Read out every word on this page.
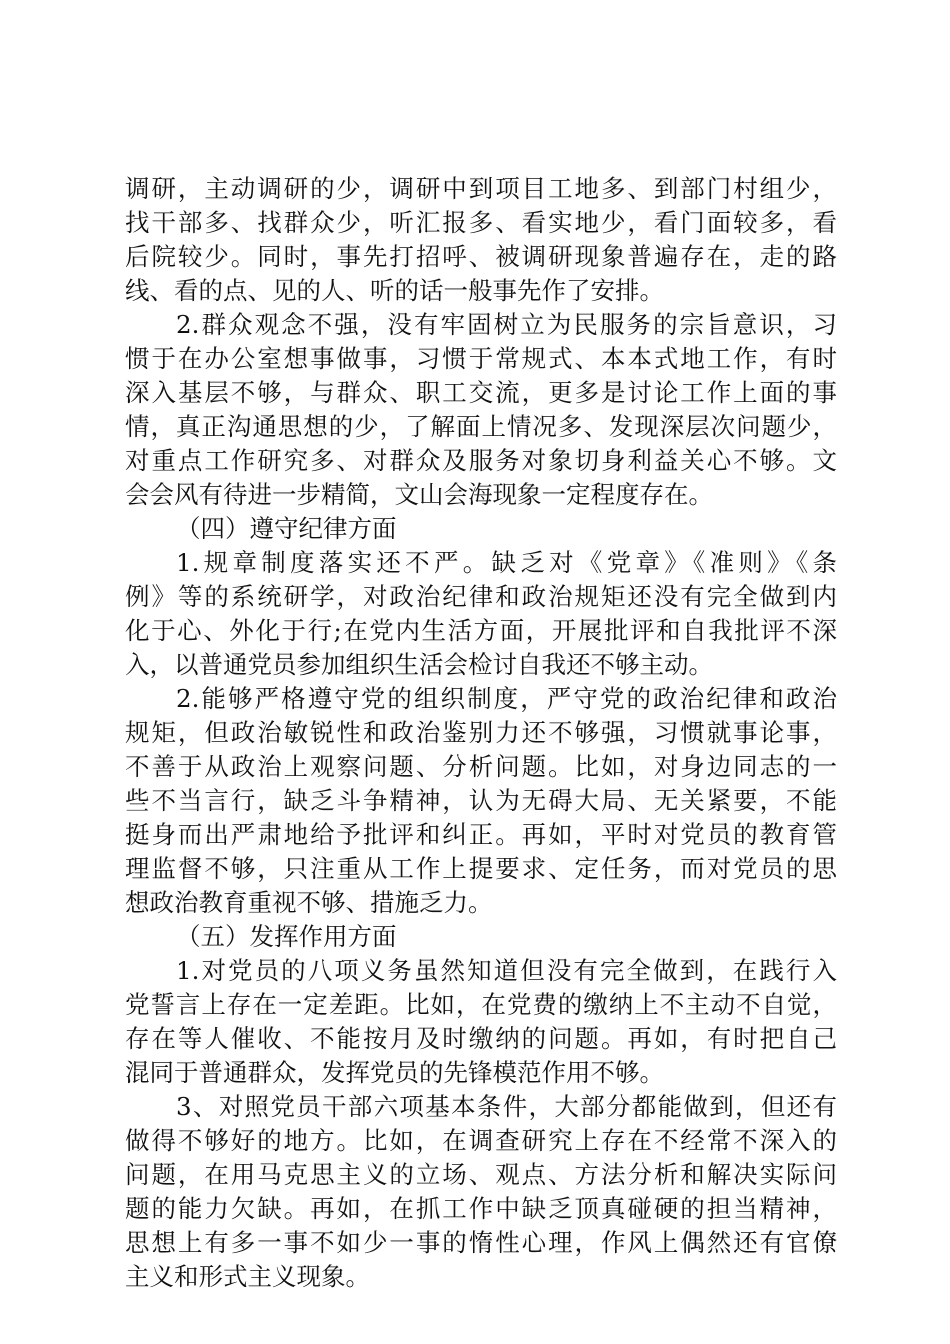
调研，主动调研的少，调研中到项目工地多、到部门村组少，
找干部多、找群众少，听汇报多、看实地少，看门面较多，看
后院较少。同时，事先打招呼、被调研现象普遍存在，走的路
线、看的点、见的人、听的话一般事先作了安排。
2.群众观念不强，没有牢固树立为民服务的宗旨意识，习
惯于在办公室想事做事，习惯于常规式、本本式地工作，有时
深入基层不够，与群众、职工交流，更多是讨论工作上面的事
情，真正沟通思想的少，了解面上情况多、发现深层次问题少，
对重点工作研究多、对群众及服务对象切身利益关心不够。文
会会风有待进一步精简，文山会海现象一定程度存在。
（四）遵守纪律方面
1.规章制度落实还不严。缺乏对《党章》《准则》《条
例》等的系统研学，对政治纪律和政治规矩还没有完全做到内
化于心、外化于行;在党内生活方面，开展批评和自我批评不深
入，以普通党员参加组织生活会检讨自我还不够主动。
2.能够严格遵守党的组织制度，严守党的政治纪律和政治
规矩，但政治敏锐性和政治鉴别力还不够强，习惯就事论事，
不善于从政治上观察问题、分析问题。比如，对身边同志的一
些不当言行，缺乏斗争精神，认为无碍大局、无关紧要，不能
挺身而出严肃地给予批评和纠正。再如，平时对党员的教育管
理监督不够，只注重从工作上提要求、定任务，而对党员的思
想政治教育重视不够、措施乏力。
（五）发挥作用方面
1.对党员的八项义务虽然知道但没有完全做到，在践行入
党誓言上存在一定差距。比如，在党费的缴纳上不主动不自觉，
存在等人催收、不能按月及时缴纳的问题。再如，有时把自己
混同于普通群众，发挥党员的先锋模范作用不够。
3、对照党员干部六项基本条件，大部分都能做到，但还有
做得不够好的地方。比如，在调查研究上存在不经常不深入的
问题，在用马克思主义的立场、观点、方法分析和解决实际问
题的能力欠缺。再如，在抓工作中缺乏顶真碰硬的担当精神，
思想上有多一事不如少一事的惰性心理，作风上偶然还有官僚
主义和形式主义现象。
